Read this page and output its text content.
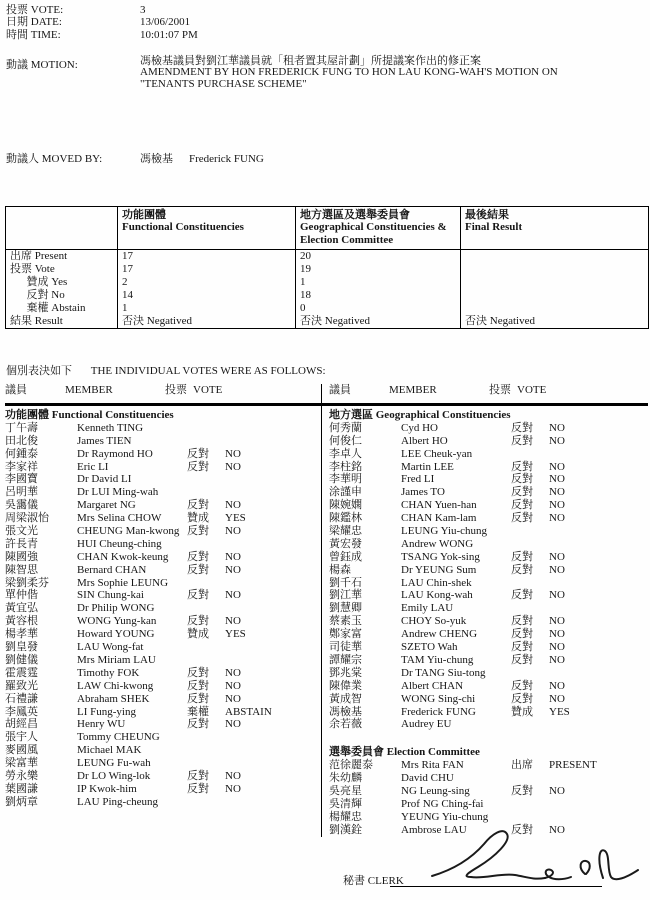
投票 VOTE:	3
日期 DATE:	13/06/2001
時間 TIME:	10:01:07 PM
動議 MOTION:	馮檢基議員對劉江華議員就「租者置其屋計劃」所提議案作出的修正案
AMENDMENT BY HON FREDERICK FUNG TO HON LAU KONG-WAH'S MOTION ON
"TENANTS PURCHASE SCHEME"
動議人 MOVED BY:	馮檢基 Frederick FUNG

功能團體
Functional Constituencies

地方選區及選舉委員會
Geographical Constituencies & Election Committee

最後結果
Final Result

出席 Present	17	20	
投票 Vote	17	19	
贊成 Yes	2	1	
反對 No	14	18	
棄權 Abstain	1	0	
結果 Result	否決 Negatived	否決 Negatived	否決 Negatived
個別表決如下 THE INDIVIDUAL VOTES WERE AS FOLLOWS:
議員	MEMBER	投票 VOTE
功能團體 Functional Constituencies
丁午壽	Kenneth TING
田北俊	James TIEN
何鍾泰	Dr Raymond HO	反對	NO
李家祥	Eric LI	反對	NO
李國寶	Dr David LI
呂明華	Dr LUI Ming-wah
吳靄儀	Margaret NG	反對	NO
周梁淑怡	Mrs Selina CHOW	贊成	YES
張文光	CHEUNG Man-kwong 反對	NO
許長青	HUI Cheung-ching
陳國強	CHAN Kwok-keung	反對	NO
陳智思	Bernard CHAN	反對	NO
梁劉柔芬	Mrs Sophie LEUNG
單仲偕	SIN Chung-kai	反對	NO
黃宜弘	Dr Philip WONG
黃容根	WONG Yung-kan	反對	NO
楊孝華	Howard YOUNG	贊成	YES
劉皇發	LAU Wong-fat
劉健儀	Mrs Miriam LAU
霍震霆	Timothy FOK	反對	NO
羅致光	LAW Chi-kwong	反對	NO
石禮謙	Abraham SHEK	反對	NO
李鳳英	LI Fung-ying	棄權	ABSTAIN
胡經昌	Henry WU	反對	NO
張宇人	Tommy CHEUNG
麥國風	Michael MAK
梁富華	LEUNG Fu-wah
勞永樂	Dr LO Wing-lok	反對	NO
葉國謙	IP Kwok-him	反對	NO
劉炳章	LAU Ping-cheung
議員	MEMBER	投票 VOTE
地方選區 Geographical Constituencies
何秀蘭	Cyd HO	反對	NO
何俊仁	Albert HO	反對	NO
李卓人	LEE Cheuk-yan
李柱銘	Martin LEE	反對	NO
李華明	Fred LI	反對	NO
涂謹申	James TO	反對	NO
陳婉嫻	CHAN Yuen-han	反對	NO
陳鑑林	CHAN Kam-lam	反對	NO
梁耀忠	LEUNG Yiu-chung
黃宏發	Andrew WONG
曾鈺成	TSANG Yok-sing	反對	NO
楊森	Dr YEUNG Sum	反對	NO
劉千石	LAU Chin-shek
劉江華	LAU Kong-wah	反對	NO
劉慧卿	Emily LAU
蔡素玉	CHOY So-yuk	反對	NO
鄭家富	Andrew CHENG	反對	NO
司徒華	SZETO Wah	反對	NO
譚耀宗	TAM Yiu-chung	反對	NO
鄧兆棠	Dr TANG Siu-tong
陳偉業	Albert CHAN	反對	NO
黃成智	WONG Sing-chi	反對	NO
馮檢基	Frederick FUNG	贊成	YES
余若薇	Audrey EU
選舉委員會 Election Committee
范徐麗泰	Mrs Rita FAN	出席	PRESENT
朱幼麟	David CHU
吳亮星	NG Leung-sing	反對	NO
吳清輝	Prof NG Ching-fai
楊耀忠	YEUNG Yiu-chung
劉漢銓	Ambrose LAU	反對	NO
秘書 CLERK
